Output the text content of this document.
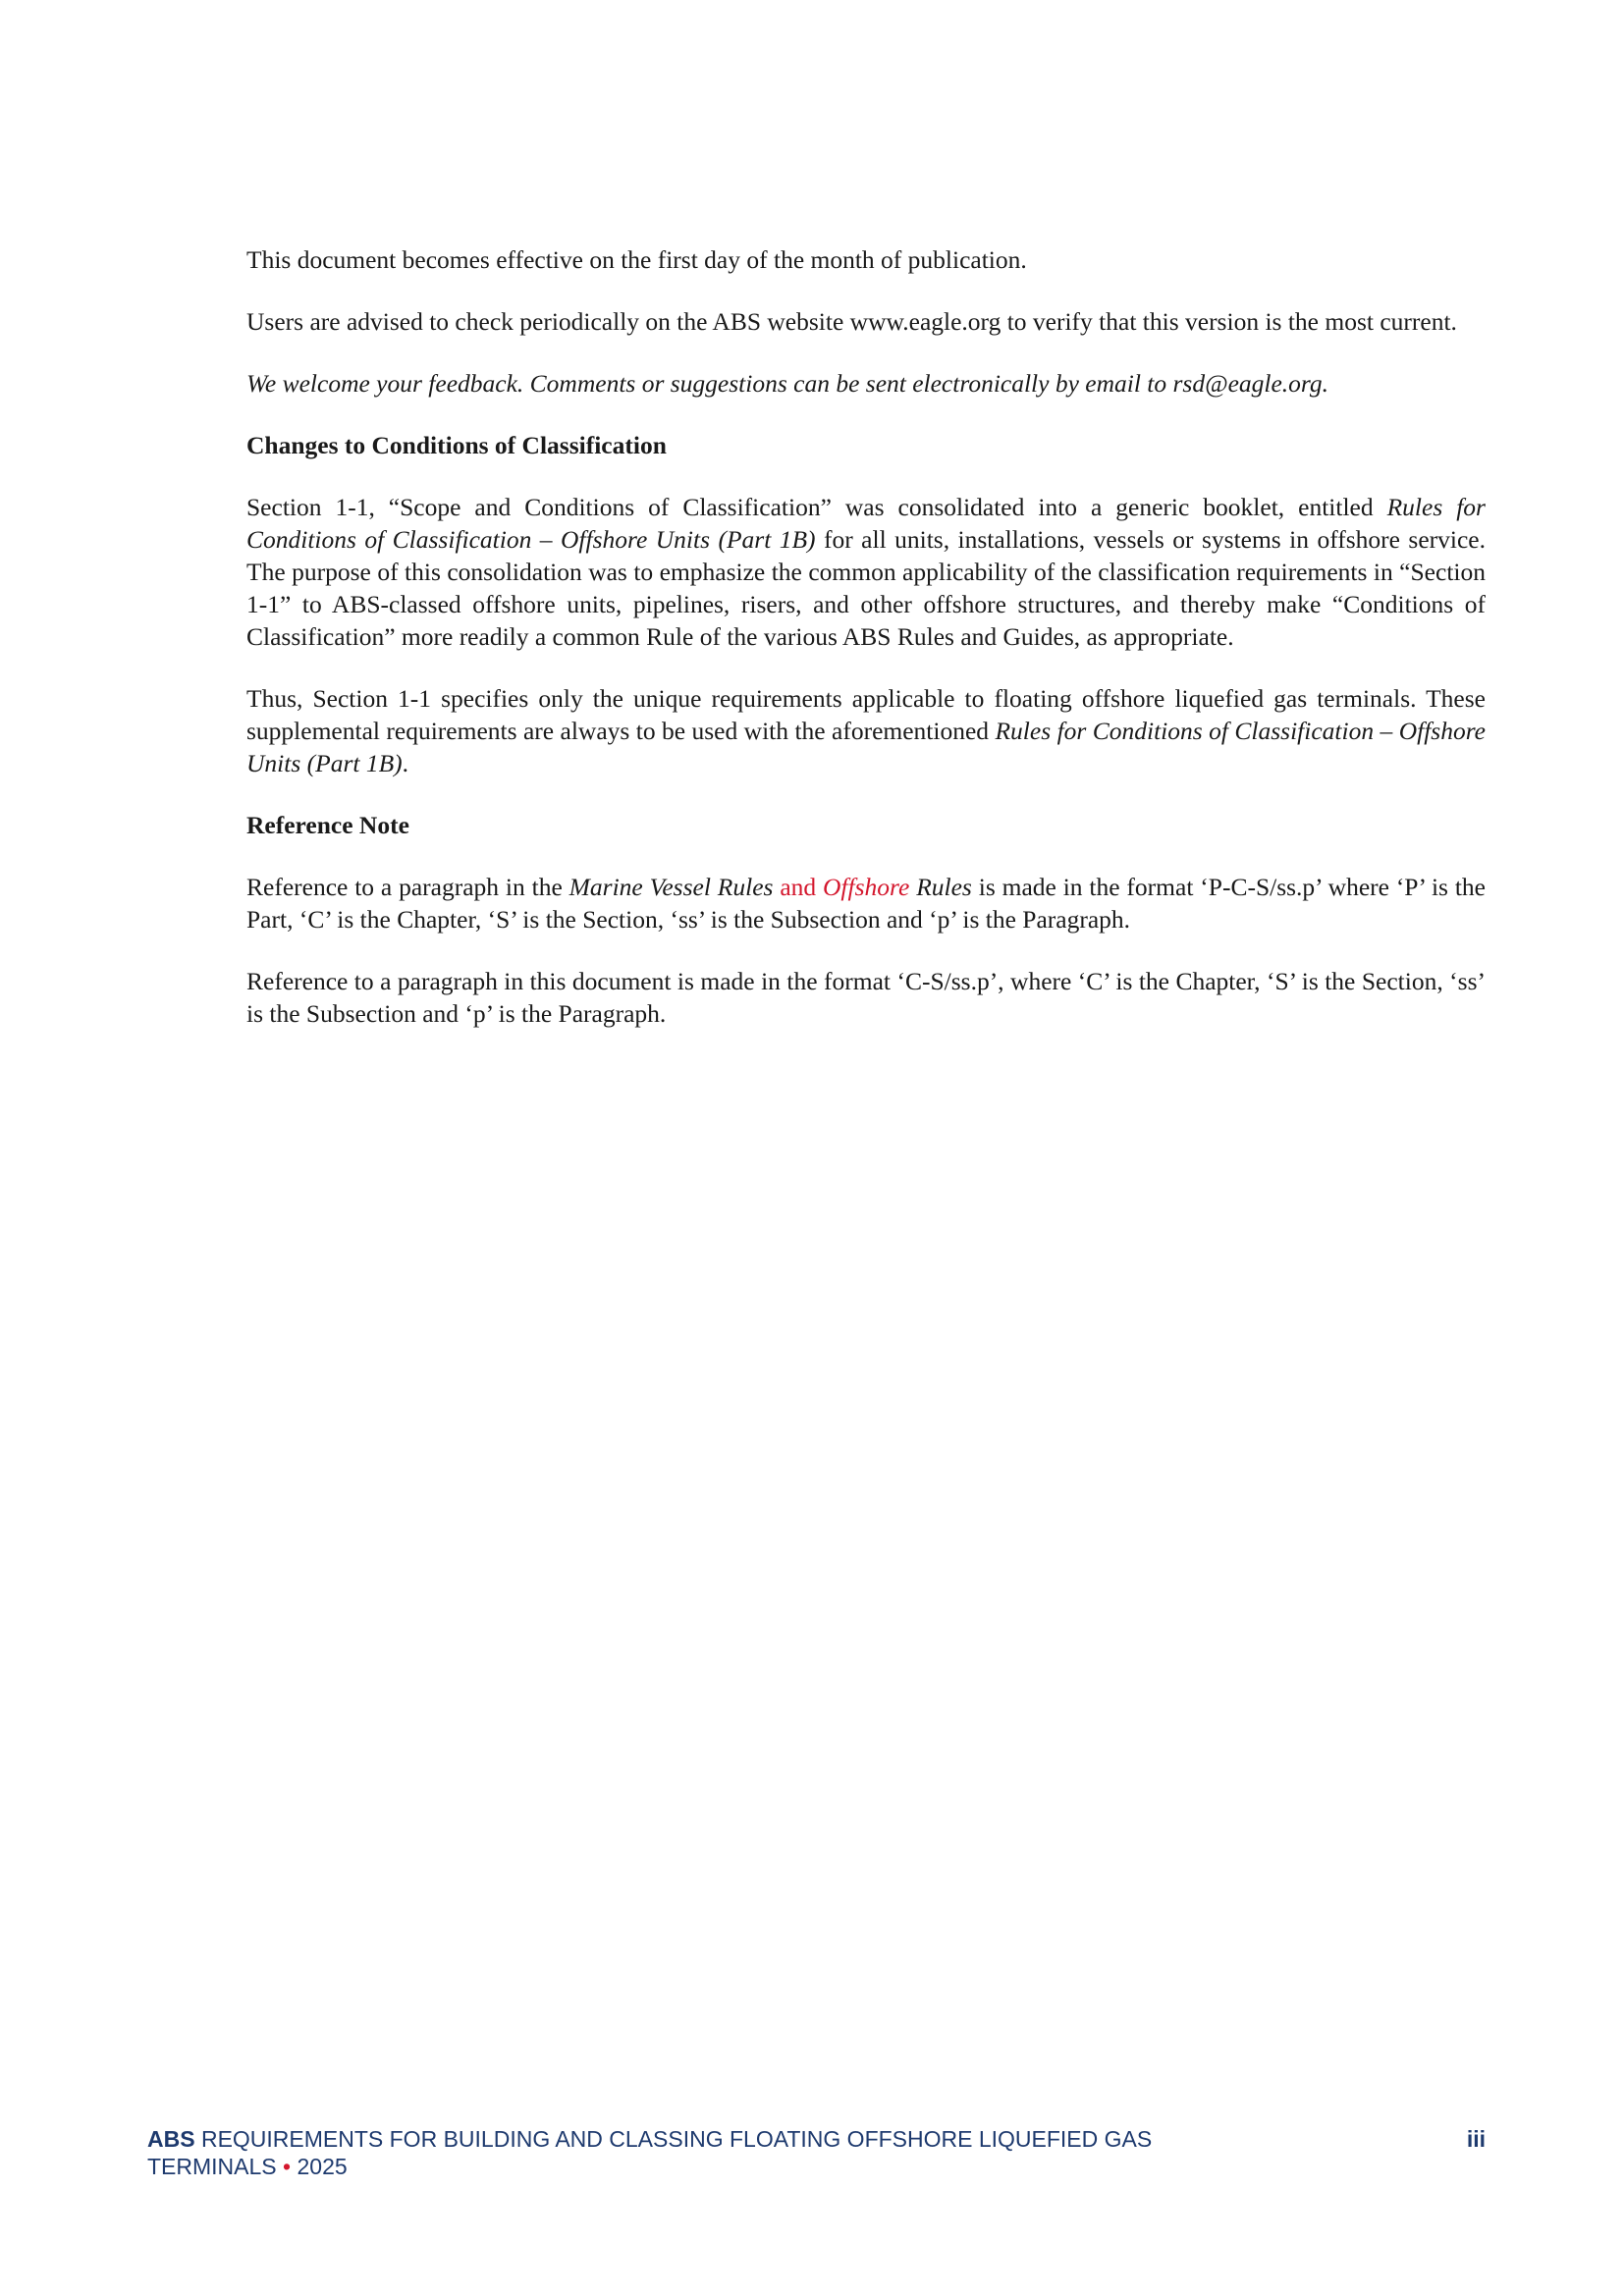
This document becomes effective on the first day of the month of publication.

Users are advised to check periodically on the ABS website www.eagle.org to verify that this version is the most current.

We welcome your feedback. Comments or suggestions can be sent electronically by email to rsd@eagle.org.

Changes to Conditions of Classification

Section 1-1, “Scope and Conditions of Classification” was consolidated into a generic booklet, entitled Rules for Conditions of Classification – Offshore Units (Part 1B) for all units, installations, vessels or systems in offshore service. The purpose of this consolidation was to emphasize the common applicability of the classification requirements in “Section 1-1” to ABS-classed offshore units, pipelines, risers, and other offshore structures, and thereby make “Conditions of Classification” more readily a common Rule of the various ABS Rules and Guides, as appropriate.

Thus, Section 1-1 specifies only the unique requirements applicable to floating offshore liquefied gas terminals. These supplemental requirements are always to be used with the aforementioned Rules for Conditions of Classification – Offshore Units (Part 1B).

Reference Note

Reference to a paragraph in the Marine Vessel Rules and Offshore Rules is made in the format ‘P-C-S/ss.p’ where ‘P’ is the Part, ‘C’ is the Chapter, ‘S’ is the Section, ‘ss’ is the Subsection and ‘p’ is the Paragraph.

Reference to a paragraph in this document is made in the format ‘C-S/ss.p’, where ‘C’ is the Chapter, ‘S’ is the Section, ‘ss’ is the Subsection and ‘p’ is the Paragraph.

ABS REQUIREMENTS FOR BUILDING AND CLASSING FLOATING OFFSHORE LIQUEFIED GAS TERMINALS • 2025
iii
